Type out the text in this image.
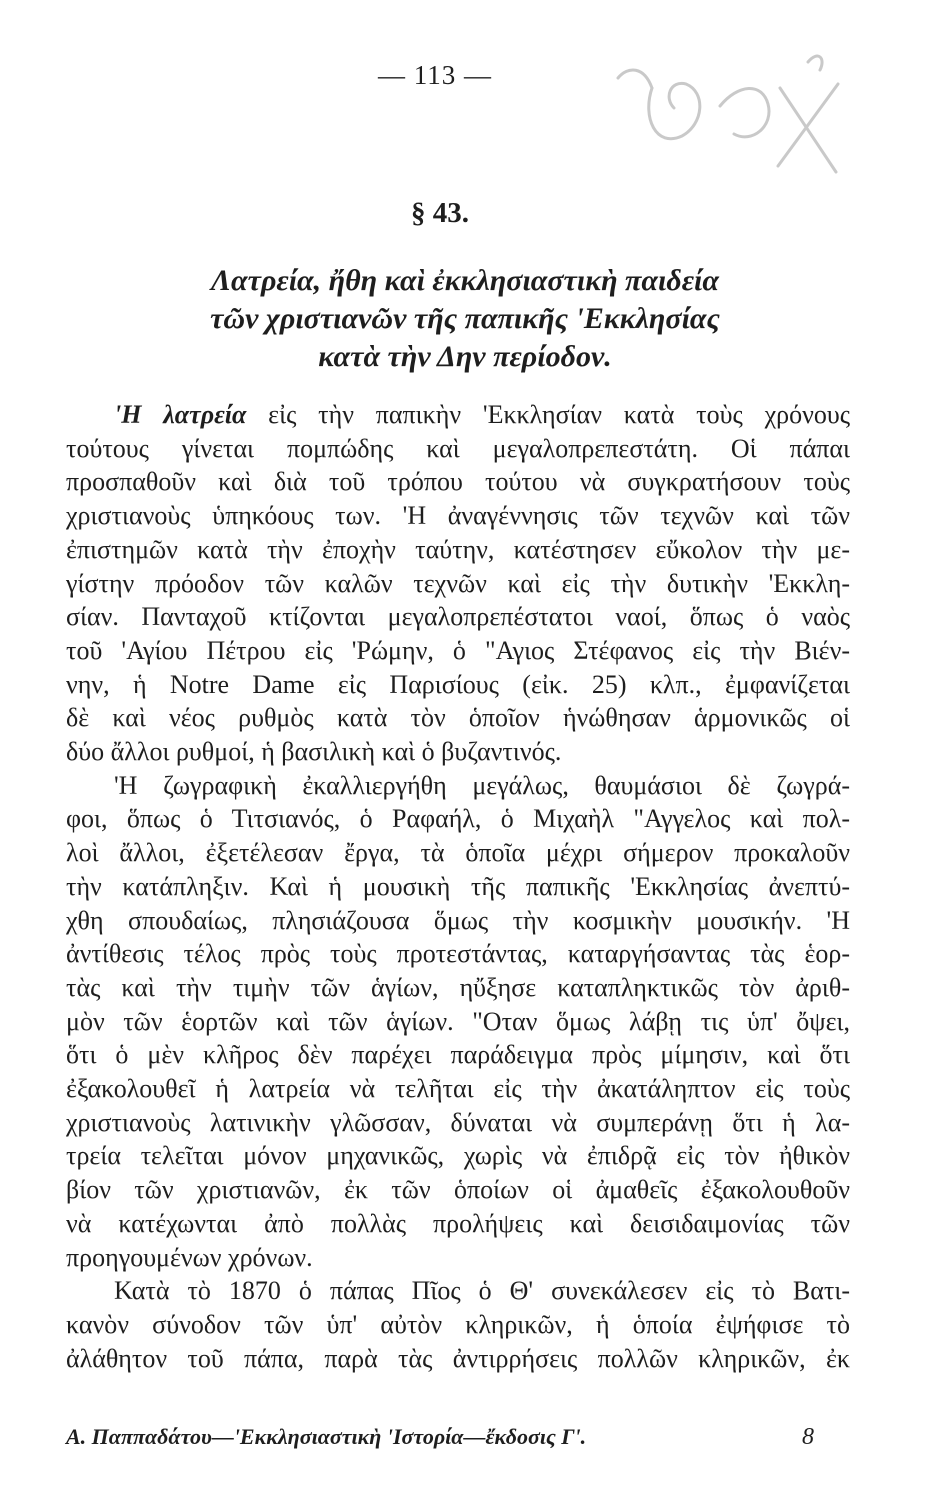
— 113 —
§ 43.
Λατρεία, ἤθη καὶ ἐκκλησιαστικὴ παιδεία
τῶν χριστιανῶν τῆς παπικῆς 'Εκκλησίας
κατὰ τὴν Δην περίοδον.
'Η λατρεία εἰς τὴν παπικὴν 'Εκκλησίαν κατὰ τοὺς χρόνους
τούτους γίνεται πομπώδης καὶ μεγαλοπρεπεστάτη. Οἱ πάπαι
προσπαθοῦν καὶ διὰ τοῦ τρόπου τούτου νὰ συγκρατήσουν τοὺς
χριστιανοὺς ὑπηκόους των. 'Η ἀναγέννησις τῶν τεχνῶν καὶ τῶν
ἐπιστημῶν κατὰ τὴν ἐποχὴν ταύτην, κατέστησεν εὔκολον τὴν με-
γίστην πρόοδον τῶν καλῶν τεχνῶν καὶ εἰς τὴν δυτικὴν 'Εκκλη-
σίαν. Πανταχοῦ κτίζονται μεγαλοπρεπέστατοι ναοί, ὅπως ὁ ναὸς
τοῦ 'Αγίου Πέτρου εἰς 'Ρώμην, ὁ "Αγιος Στέφανος εἰς τὴν Βιέν-
νην, ἡ Notre Dame εἰς Παρισίους (εἰκ. 25) κλπ., ἐμφανίζεται
δὲ καὶ νέος ρυθμὸς κατὰ τὸν ὁποῖον ἡνώθησαν ἁρμονικῶς οἱ
δύο ἄλλοι ρυθμοί, ἡ βασιλικὴ καὶ ὁ βυζαντινός.
'Η ζωγραφικὴ ἐκαλλιεργήθη μεγάλως, θαυμάσιοι δὲ ζωγρά-
φοι, ὅπως ὁ Τιτσιανός, ὁ Ραφαήλ, ὁ Μιχαὴλ "Αγγελος καὶ πολ-
λοὶ ἄλλοι, ἐξετέλεσαν ἔργα, τὰ ὁποῖα μέχρι σήμερον προκαλοῦν
τὴν κατάπληξιν. Καὶ ἡ μουσικὴ τῆς παπικῆς 'Εκκλησίας ἀνεπτύ-
χθη σπουδαίως, πλησιάζουσα ὅμως τὴν κοσμικὴν μουσικήν. 'Η
ἀντίθεσις τέλος πρὸς τοὺς προτεστάντας, καταργήσαντας τὰς ἑορ-
τὰς καὶ τὴν τιμὴν τῶν ἁγίων, ηὔξησε καταπληκτικῶς τὸν ἀριθ-
μὸν τῶν ἑορτῶν καὶ τῶν ἁγίων. "Οταν ὅμως λάβῃ τις ὑπ' ὄψει,
ὅτι ὁ μὲν κλῆρος δὲν παρέχει παράδειγμα πρὸς μίμησιν, καὶ ὅτι
ἐξακολουθεῖ ἡ λατρεία νὰ τελῆται εἰς τὴν ἀκατάληπτον εἰς τοὺς
χριστιανοὺς λατινικὴν γλῶσσαν, δύναται νὰ συμπεράνῃ ὅτι ἡ λα-
τρεία τελεῖται μόνον μηχανικῶς, χωρὶς νὰ ἐπιδρᾷ εἰς τὸν ἠθικὸν
βίον τῶν χριστιανῶν, ἐκ τῶν ὁποίων οἱ ἀμαθεῖς ἐξακολουθοῦν
νὰ κατέχωνται ἀπὸ πολλὰς προλήψεις καὶ δεισιδαιμονίας τῶν
προηγουμένων χρόνων.
Κατὰ τὸ 1870 ὁ πάπας Πῖος ὁ Θ' συνεκάλεσεν εἰς τὸ Βατι-
κανὸν σύνοδον τῶν ὑπ' αὐτὸν κληρικῶν, ἡ ὁποία ἐψήφισε τὸ
ἀλάθητον τοῦ πάπα, παρὰ τὰς ἀντιρρήσεις πολλῶν κληρικῶν, ἐκ
Α. Παππαδάτου—'Εκκλησιαστικὴ 'Ιστορία—ἔκδοσις Γ'.	8
